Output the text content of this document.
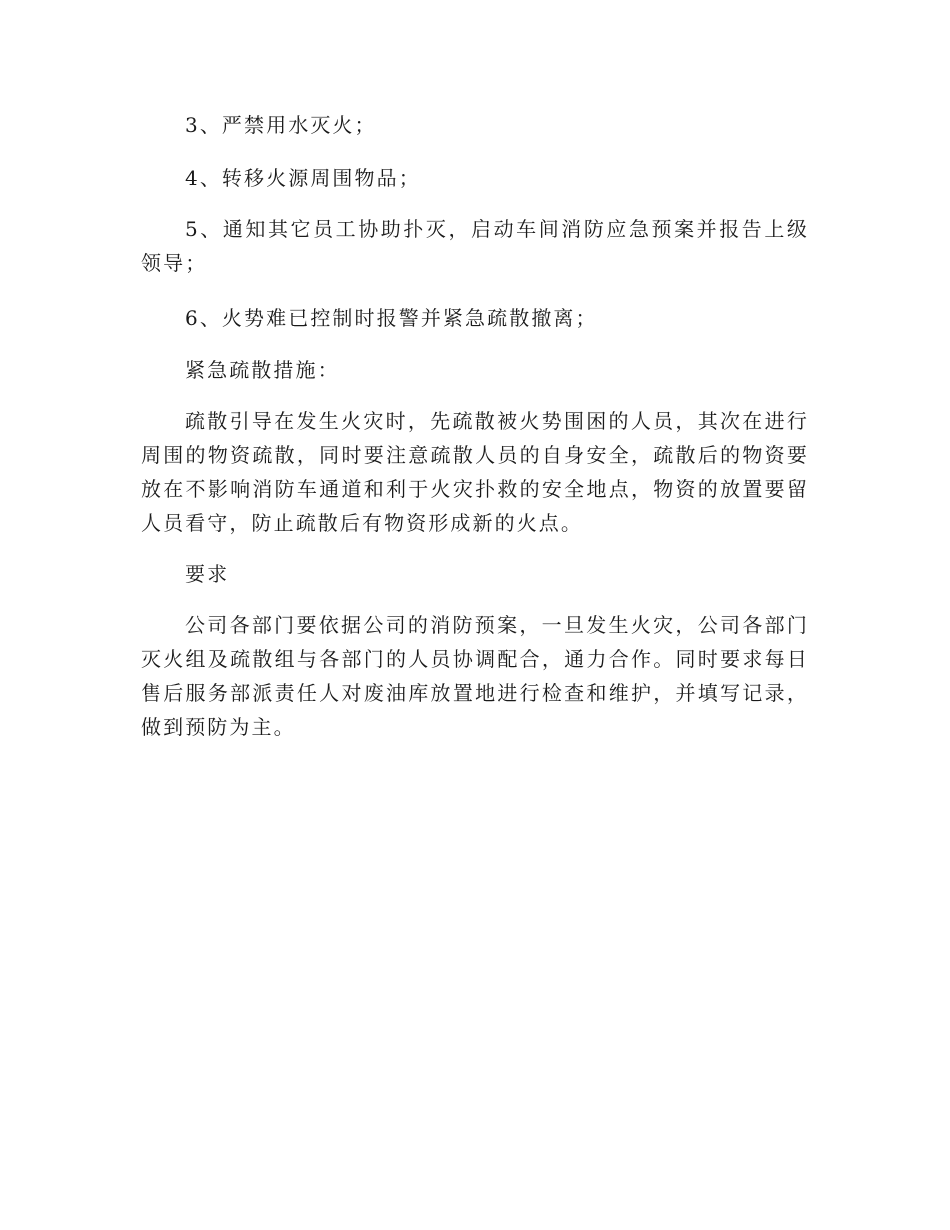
3、严禁用水灭火；

4、转移火源周围物品；

5、通知其它员工协助扑灭，启动车间消防应急预案并报告上级领导；

6、火势难已控制时报警并紧急疏散撤离；

紧急疏散措施：

疏散引导在发生火灾时，先疏散被火势围困的人员，其次在进行周围的物资疏散，同时要注意疏散人员的自身安全，疏散后的物资要放在不影响消防车通道和利于火灾扑救的安全地点，物资的放置要留人员看守，防止疏散后有物资形成新的火点。

要求

公司各部门要依据公司的消防预案，一旦发生火灾，公司各部门灭火组及疏散组与各部门的人员协调配合，通力合作。同时要求每日售后服务部派责任人对废油库放置地进行检查和维护，并填写记录，做到预防为主。
